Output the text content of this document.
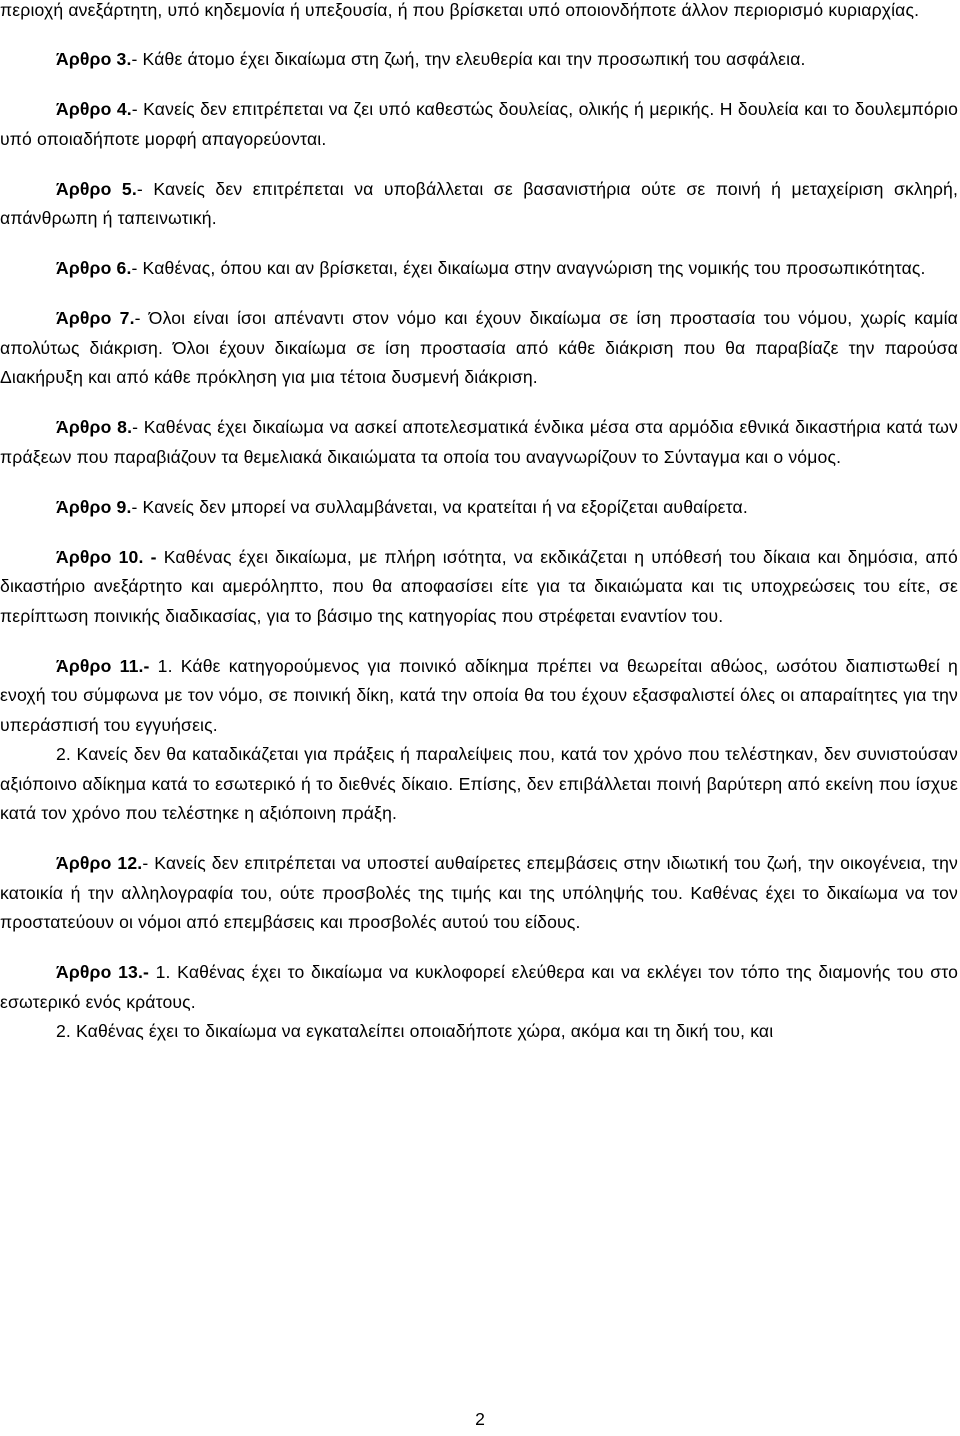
περιοχή ανεξάρτητη, υπό κηδεμονία ή υπεξουσία, ή που βρίσκεται υπό οποιονδήποτε άλλον περιορισμό κυριαρχίας.

Άρθρο 3.- Κάθε άτομο έχει δικαίωμα στη ζωή, την ελευθερία και την προσωπική του ασφάλεια.

Άρθρο 4.- Κανείς δεν επιτρέπεται να ζει υπό καθεστώς δουλείας, ολικής ή μερικής. Η δουλεία και το δουλεμπόριο υπό οποιαδήποτε μορφή απαγορεύονται.

Άρθρο 5.- Κανείς δεν επιτρέπεται να υποβάλλεται σε βασανιστήρια ούτε σε ποινή ή μεταχείριση σκληρή, απάνθρωπη ή ταπεινωτική.

Άρθρο 6.- Καθένας, όπου και αν βρίσκεται, έχει δικαίωμα στην αναγνώριση της νομικής του προσωπικότητας.

Άρθρο 7.- Όλοι είναι ίσοι απέναντι στον νόμο και έχουν δικαίωμα σε ίση προστασία του νόμου, χωρίς καμία απολύτως διάκριση. Όλοι έχουν δικαίωμα σε ίση προστασία από κάθε διάκριση που θα παραβίαζε την παρούσα Διακήρυξη και από κάθε πρόκληση για μια τέτοια δυσμενή διάκριση.

Άρθρο 8.- Καθένας έχει δικαίωμα να ασκεί αποτελεσματικά ένδικα μέσα στα αρμόδια εθνικά δικαστήρια κατά των πράξεων που παραβιάζουν τα θεμελιακά δικαιώματα τα οποία του αναγνωρίζουν το Σύνταγμα και ο νόμος.

Άρθρο 9.- Κανείς δεν μπορεί να συλλαμβάνεται, να κρατείται ή να εξορίζεται αυθαίρετα.

Άρθρο 10. - Καθένας έχει δικαίωμα, με πλήρη ισότητα, να εκδικάζεται η υπόθεσή του δίκαια και δημόσια, από δικαστήριο ανεξάρτητο και αμερόληπτο, που θα αποφασίσει είτε για τα δικαιώματα και τις υποχρεώσεις του είτε, σε περίπτωση ποινικής διαδικασίας, για το βάσιμο της κατηγορίας που στρέφεται εναντίον του.

Άρθρο 11.- 1. Κάθε κατηγορούμενος για ποινικό αδίκημα πρέπει να θεωρείται αθώος, ωσότου διαπιστωθεί η ενοχή του σύμφωνα με τον νόμο, σε ποινική δίκη, κατά την οποία θα του έχουν εξασφαλιστεί όλες οι απαραίτητες για την υπεράσπισή του εγγυήσεις.

2. Κανείς δεν θα καταδικάζεται για πράξεις ή παραλείψεις που, κατά τον χρόνο που τελέστηκαν, δεν συνιστούσαν αξιόποινο αδίκημα κατά το εσωτερικό ή το διεθνές δίκαιο. Επίσης, δεν επιβάλλεται ποινή βαρύτερη από εκείνη που ίσχυε κατά τον χρόνο που τελέστηκε η αξιόποινη πράξη.

Άρθρο 12.- Κανείς δεν επιτρέπεται να υποστεί αυθαίρετες επεμβάσεις στην ιδιωτική του ζωή, την οικογένεια, την κατοικία ή την αλληλογραφία του, ούτε προσβολές της τιμής και της υπόληψής του. Καθένας έχει το δικαίωμα να τον προστατεύουν οι νόμοι από επεμβάσεις και προσβολές αυτού του είδους.

Άρθρο 13.- 1. Καθένας έχει το δικαίωμα να κυκλοφορεί ελεύθερα και να εκλέγει τον τόπο της διαμονής του στο εσωτερικό ενός κράτους.

2. Καθένας έχει το δικαίωμα να εγκαταλείπει οποιαδήποτε χώρα, ακόμα και τη δική του, και

2
